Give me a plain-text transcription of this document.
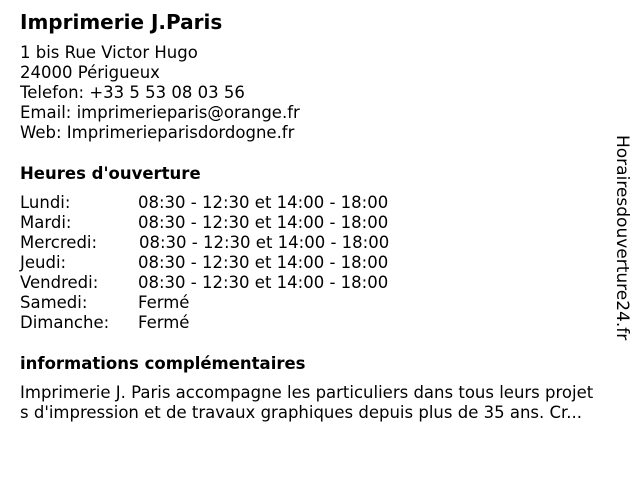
Imprimerie J.Paris
1 bis Rue Victor Hugo
24000 Périgueux
Telefon: +33 5 53 08 03 56
Email: imprimerieparis@orange.fr
Web: Imprimerieparisdordogne.fr
Heures d'ouverture
Lundi:	08:30 - 12:30 et 14:00 - 18:00
Mardi:	08:30 - 12:30 et 14:00 - 18:00
Mercredi:	08:30 - 12:30 et 14:00 - 18:00
Jeudi:	08:30 - 12:30 et 14:00 - 18:00
Vendredi: 08:30 - 12:30 et 14:00 - 18:00
Samedi:	Fermé
Dimanche: Fermé
informations complémentaires
Imprimerie J. Paris accompagne les particuliers dans tous leurs projet
s d'impression et de travaux graphiques depuis plus de 35 ans. Cr...
Horairesdouverture24.fr
